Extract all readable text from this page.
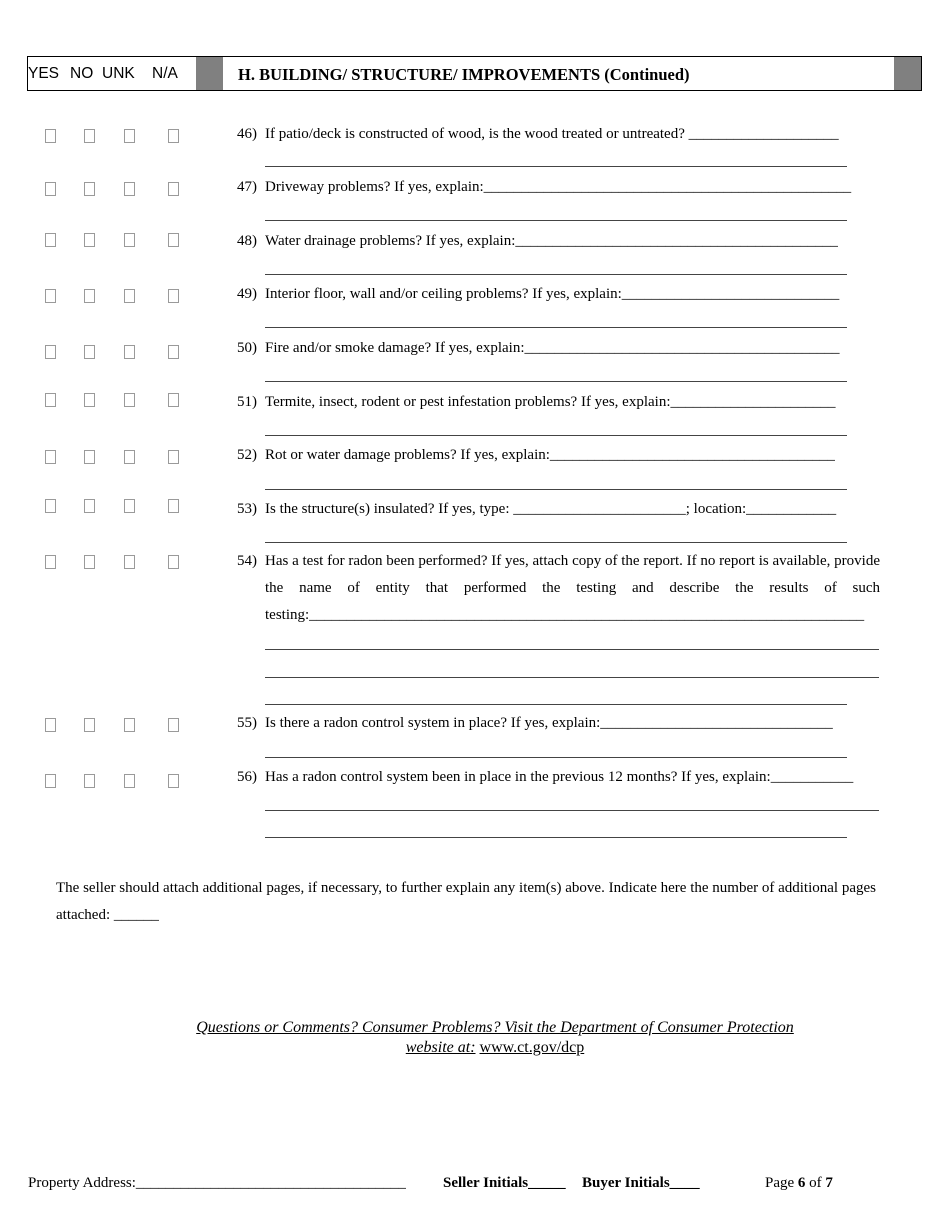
YES NO UNK N/A	H. BUILDING/ STRUCTURE/ IMPROVEMENTS (Continued)
46) If patio/deck is constructed of wood, is the wood treated or untreated? ____________________
47) Driveway problems? If yes, explain:_________________________________________________
48) Water drainage problems? If yes, explain:___________________________________________
49) Interior floor, wall and/or ceiling problems? If yes, explain:_____________________________
50) Fire and/or smoke damage? If yes, explain:__________________________________________
51) Termite, insect, rodent or pest infestation problems? If yes, explain:______________________
52) Rot or water damage problems? If yes, explain:______________________________________
53) Is the structure(s) insulated? If yes, type: _______________________; location:____________
54) Has a test for radon been performed? If yes, attach copy of the report. If no report is available, provide the name of entity that performed the testing and describe the results of such testing:__________________________________________________________________________
55) Is there a radon control system in place? If yes, explain:_______________________________
56) Has a radon control system been in place in the previous 12 months? If yes, explain:___________
The seller should attach additional pages, if necessary, to further explain any item(s) above. Indicate here the number of additional pages attached: ______
Questions or Comments? Consumer Problems? Visit the Department of Consumer Protection
website at: www.ct.gov/dcp
Property Address:____________________________________ Seller Initials_____ Buyer Initials____	Page 6 of 7
